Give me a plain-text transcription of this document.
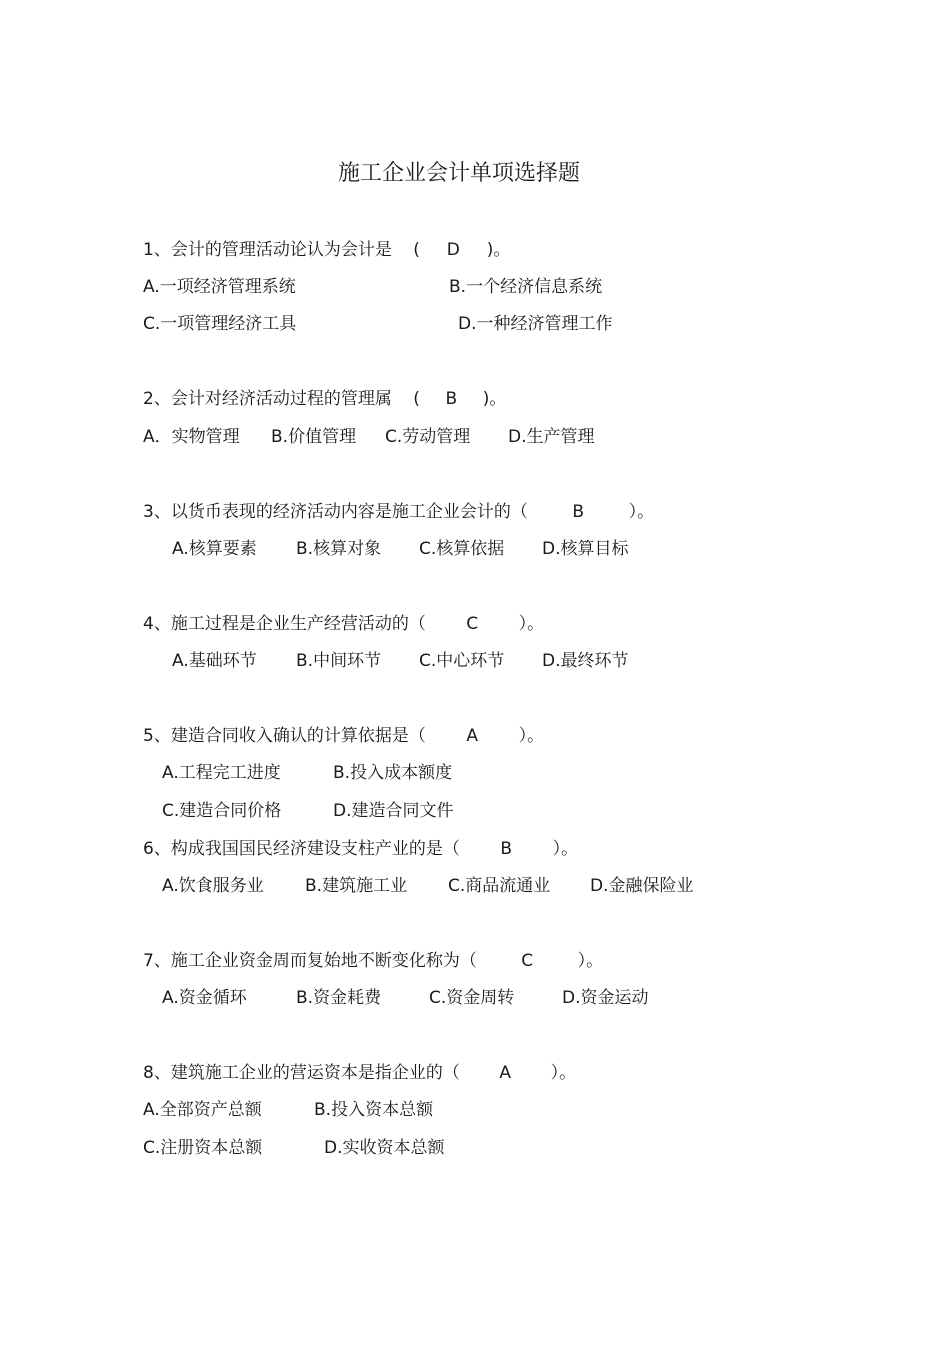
施工企业会计单项选择题
1、会计的管理活动论认为会计是 ( D )。
A.一项经济管理系统	B.一个经济信息系统
C.一项管理经济工具	D.一种经济管理工作
2、会计对经济活动过程的管理属 ( B )。
A．实物管理 B.价值管理 C.劳动管理 D.生产管理
3、以货币表现的经济活动内容是施工企业会计的（	B	）。
A.核算要素 B.核算对象 C.核算依据 D.核算目标
4、施工过程是企业生产经营活动的（ C ）。
A.基础环节 B.中间环节 C.中心环节 D.最终环节
5、建造合同收入确认的计算依据是（ A ）。
A.工程完工进度	B.投入成本额度
C.建造合同价格	D.建造合同文件
6、构成我国国民经济建设支柱产业的是（ B ）。
A.饮食服务业 B.建筑施工业 C.商品流通业 D.金融保险业
7、施工企业资金周而复始地不断变化称为（	C	）。
A.资金循环	B.资金耗费	C.资金周转	D.资金运动
8、建筑施工企业的营运资本是指企业的（ A ）。
A.全部资产总额	B.投入资本总额
C.注册资本总额	D.实收资本总额
